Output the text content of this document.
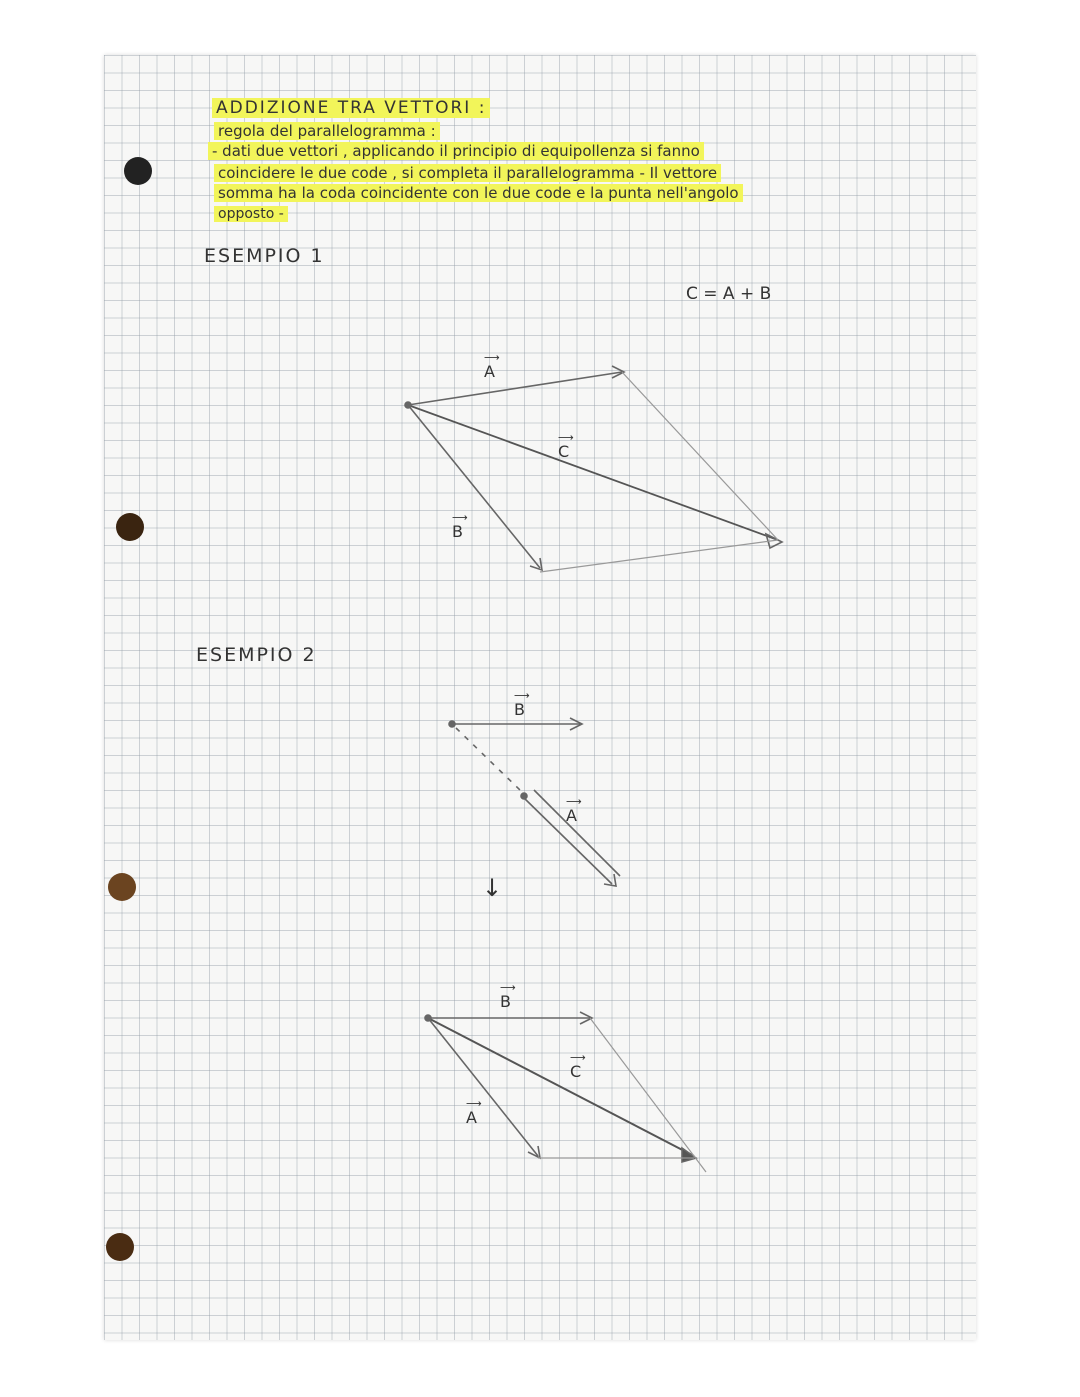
ADDIZIONE TRA VETTORI :
regola del parallelogramma :
- dati due vettori , applicando il principio di equipollenza si fanno
coincidere le due code , si completa il parallelogramma - Il vettore
somma ha la coda coincidente con le due code e la punta nell'angolo
opposto -
ESEMPIO 1
ESEMPIO 2
C = A + B
⟶
A
⟶
C
⟶
B
⟶
B
⟶
A
↓
⟶
B
⟶
C
⟶
A
